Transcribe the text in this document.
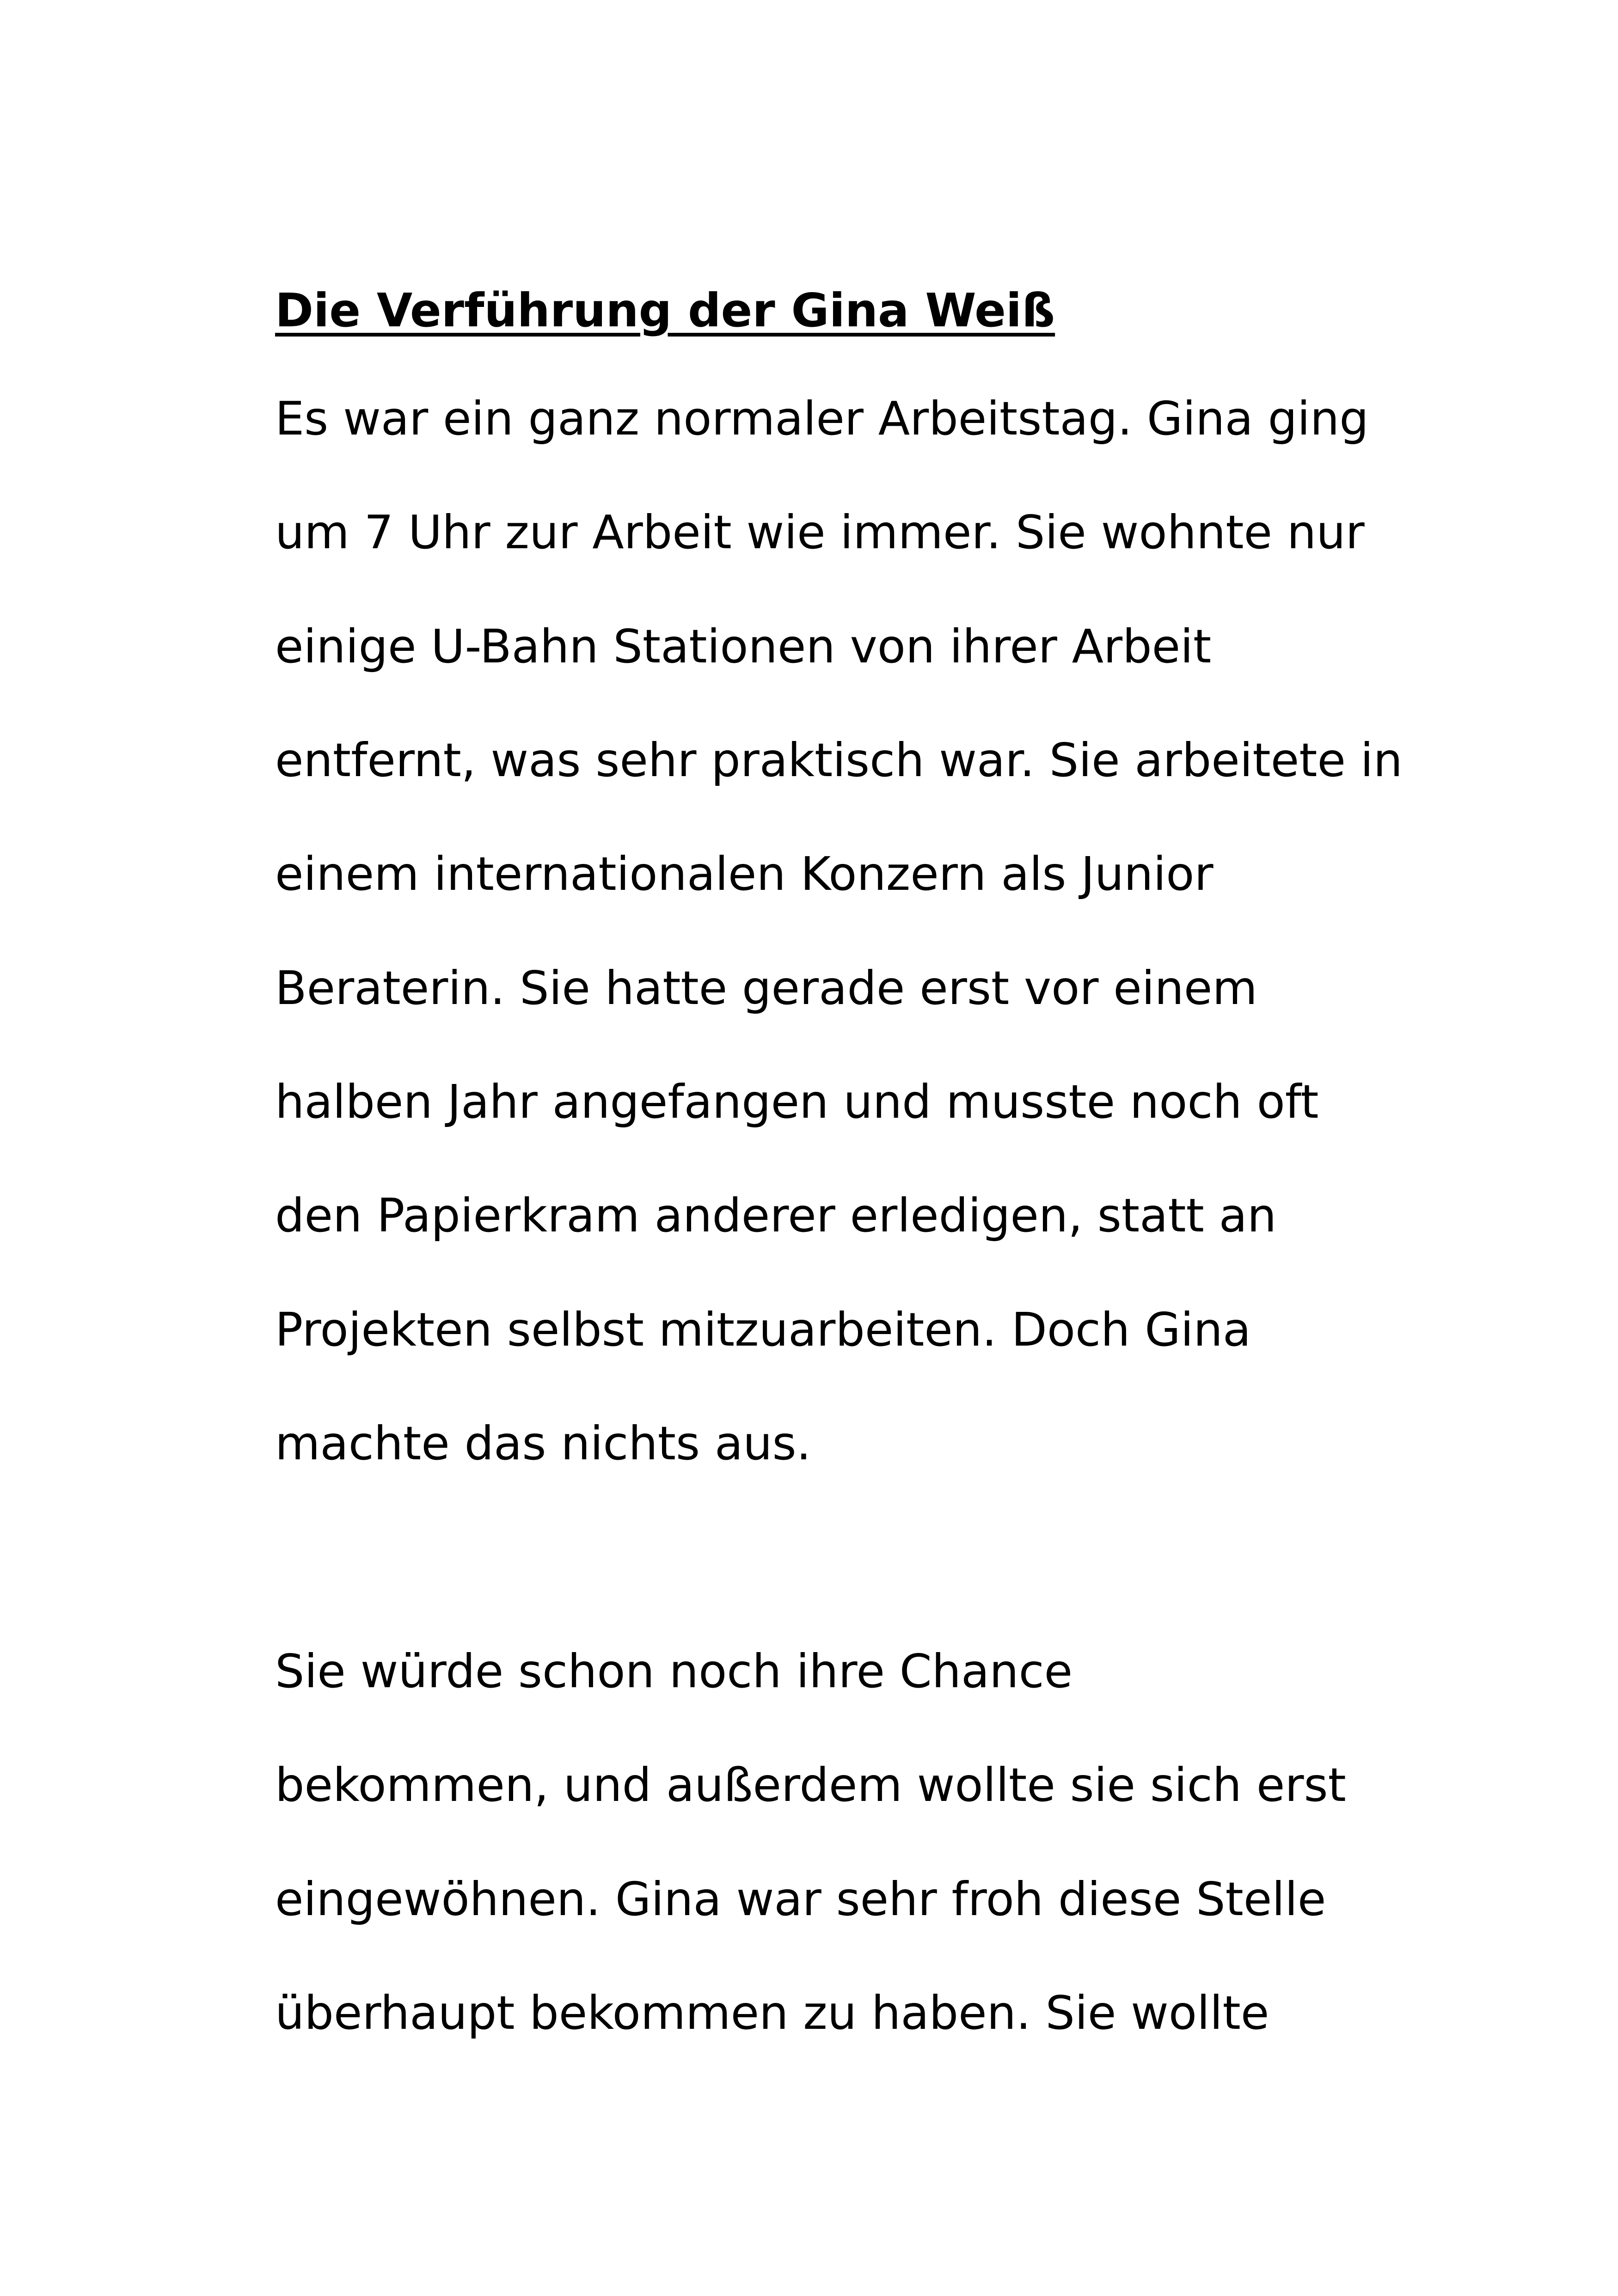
Die Verführung der Gina Weiß

Es war ein ganz normaler Arbeitstag. Gina ging

um 7 Uhr zur Arbeit wie immer. Sie wohnte nur

einige U-Bahn Stationen von ihrer Arbeit

entfernt, was sehr praktisch war. Sie arbeitete in

einem internationalen Konzern als Junior

Beraterin. Sie hatte gerade erst vor einem

halben Jahr angefangen und musste noch oft

den Papierkram anderer erledigen, statt an

Projekten selbst mitzuarbeiten. Doch Gina

machte das nichts aus.

Sie würde schon noch ihre Chance

bekommen, und außerdem wollte sie sich erst

eingewöhnen. Gina war sehr froh diese Stelle

überhaupt bekommen zu haben. Sie wollte
